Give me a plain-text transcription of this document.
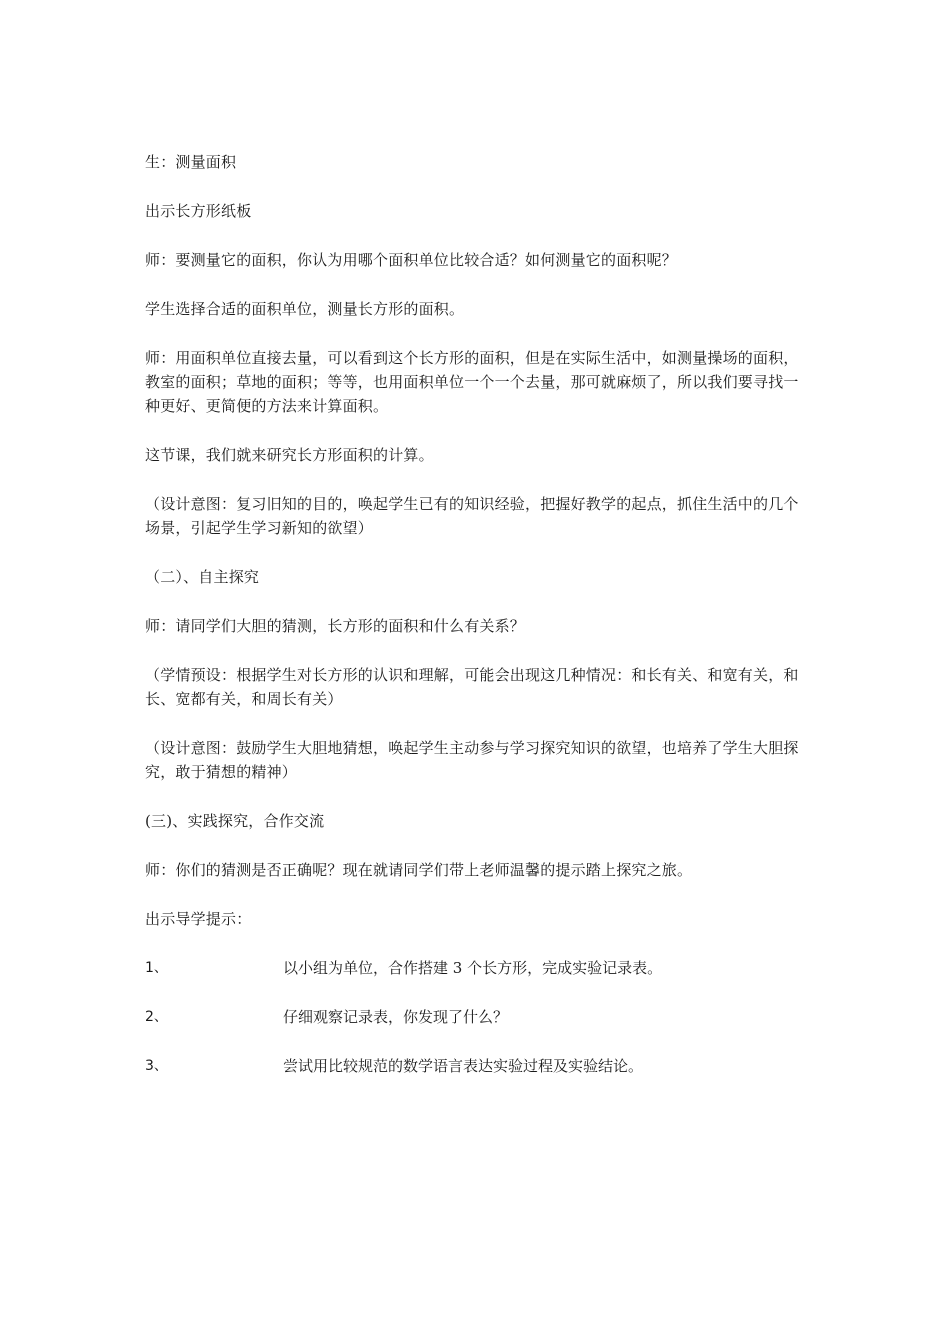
生：测量面积

出示长方形纸板

师：要测量它的面积，你认为用哪个面积单位比较合适？如何测量它的面积呢？

学生选择合适的面积单位，测量长方形的面积。

师：用面积单位直接去量，可以看到这个长方形的面积，但是在实际生活中，如测量操场的面积，教室的面积；草地的面积；等等，也用面积单位一个一个去量，那可就麻烦了，所以我们要寻找一种更好、更简便的方法来计算面积。

这节课，我们就来研究长方形面积的计算。

（设计意图：复习旧知的目的，唤起学生已有的知识经验，把握好教学的起点，抓住生活中的几个场景，引起学生学习新知的欲望）

（二）、自主探究

师：请同学们大胆的猜测，长方形的面积和什么有关系？

（学情预设：根据学生对长方形的认识和理解，可能会出现这几种情况：和长有关、和宽有关，和长、宽都有关，和周长有关）

（设计意图：鼓励学生大胆地猜想，唤起学生主动参与学习探究知识的欲望，也培养了学生大胆探究，敢于猜想的精神）

(三)、实践探究，合作交流

师：你们的猜测是否正确呢？现在就请同学们带上老师温馨的提示踏上探究之旅。

出示导学提示：

1、	以小组为单位，合作搭建 3 个长方形，完成实验记录表。
2、	仔细观察记录表，你发现了什么？
3、	尝试用比较规范的数学语言表达实验过程及实验结论。
